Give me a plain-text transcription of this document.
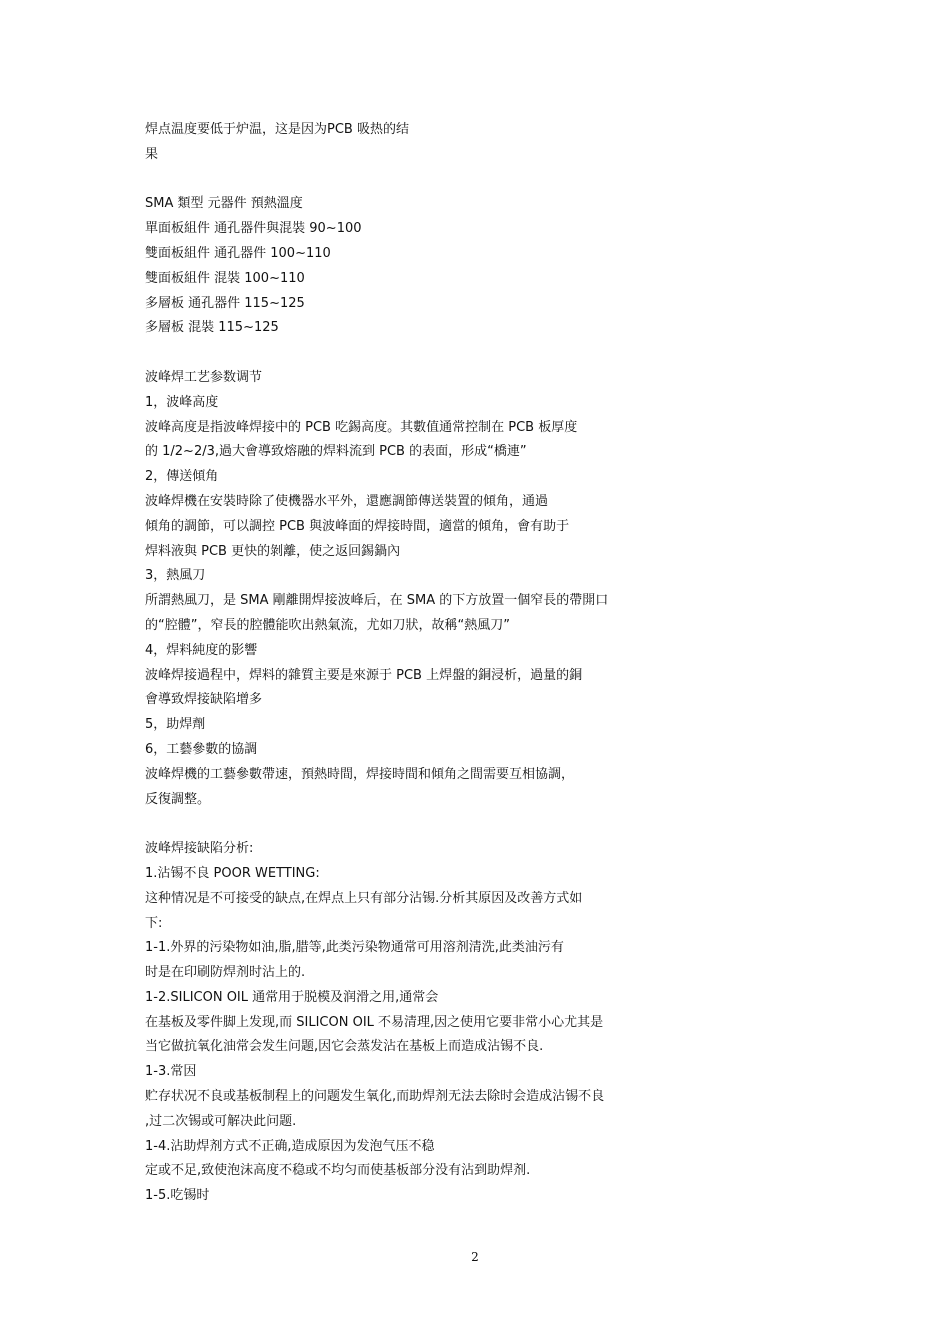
焊点温度要低于炉温，这是因为PCB 吸热的结
果
SMA 類型 元器件 預熱溫度
單面板組件 通孔器件與混裝 90~100
雙面板組件 通孔器件 100~110
雙面板組件 混裝 100~110
多層板 通孔器件 115~125
多層板 混裝 115~125
波峰焊工艺参数调节
1，波峰高度
波峰高度是指波峰焊接中的 PCB 吃錫高度。其數值通常控制在 PCB 板厚度
的 1/2~2/3,過大會導致熔融的焊料流到 PCB 的表面，形成“橋連”
2，傳送傾角
波峰焊機在安裝時除了使機器水平外，還應調節傳送裝置的傾角，通過
傾角的調節，可以調控 PCB 與波峰面的焊接時間，適當的傾角，會有助于
焊料液與 PCB 更快的剝離，使之返回錫鍋內
3，熱風刀
所謂熱風刀，是 SMA 剛離開焊接波峰后，在 SMA 的下方放置一個窄長的帶開口
的“腔體”，窄長的腔體能吹出熱氣流，尤如刀狀，故稱“熱風刀”
4，焊料純度的影響
波峰焊接過程中，焊料的雜質主要是來源于 PCB 上焊盤的銅浸析，過量的銅
會導致焊接缺陷增多
5，助焊劑
6，工藝參數的協調
波峰焊機的工藝參數帶速，預熱時間，焊接時間和傾角之間需要互相協調，
反復調整。
波峰焊接缺陷分析:
1.沾锡不良 POOR WETTING:
这种情况是不可接受的缺点,在焊点上只有部分沾锡.分析其原因及改善方式如
下:
1-1.外界的污染物如油,脂,腊等,此类污染物通常可用溶剂清洗,此类油污有
时是在印刷防焊剂时沾上的.
1-2.SILICON OIL 通常用于脱模及润滑之用,通常会
在基板及零件脚上发现,而 SILICON OIL 不易清理,因之使用它要非常小心尤其是
当它做抗氧化油常会发生问题,因它会蒸发沾在基板上而造成沾锡不良.
1-3.常因
贮存状况不良或基板制程上的问题发生氧化,而助焊剂无法去除时会造成沾锡不良
,过二次锡或可解决此问题.
1-4.沾助焊剂方式不正确,造成原因为发泡气压不稳
定或不足,致使泡沫高度不稳或不均匀而使基板部分没有沾到助焊剂.
1-5.吃锡时
2
